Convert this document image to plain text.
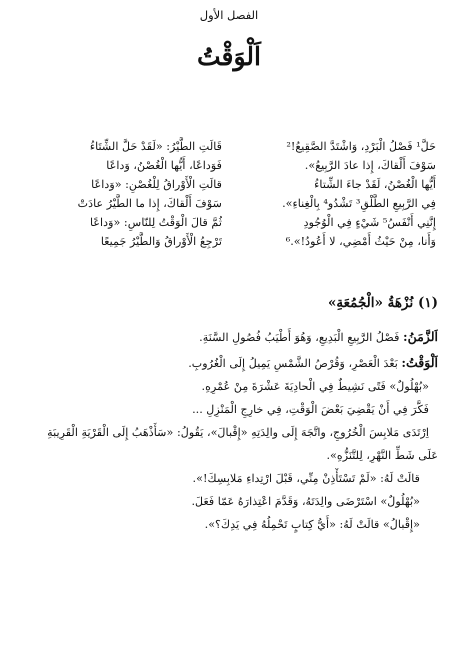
الفصل الأول
اَلْوَقْتُ
قَالَتِ الطَّيْرُ: «لَقَدْ حَلَّ الشِّتَاءُ
فَوَداعًا، أَيُّها الْغُصْنُ، وَداعًا
قالَتِ الْأَوْراقُ لِلْغُصْنِ: «وَداعًا
سَوْفَ أَلْقاكَ، إِذا ما الطَّيْرُ عادَتْ
ثُمَّ قالَ الْوَقْتُ لِلنّاسِ: «وَداعًا
تَرْجِعُ الْأَوْراقُ وَالطَّيْرُ جَمِيعًا
حَلَّ¹ فَصْلُ الْبَرْدِ، وَاشْتَدَّ الصَّقِيعُ!²
سَوْفَ أَلْقاكَ، إِذا عادَ الرَّبِيعُ».
أَيُّها الْغُصْنُ، لَقَدْ جاءَ الشِّتاءُ
فِي الرَّبِيعِ الطَّلْقِ³ تَشْدُو⁴ بِالْغِناءِ».
إِنَّنِي أَنْفَسُ⁵ شَيْءٍ فِي الْوُجُودِ
وَأَنا، مِنْ حَيْثُ أَمْضِي، لا أَعُودُ!».⁶
(١) نُزْهَةُ «الْجُمُعَةِ»
اَلزَّمَنُ: فَصْلُ الرَّبِيعِ الْبَدِيعِ، وَهُوَ أَطْيَبُ فُصُولِ السَّنَةِ.
اَلْوَقْتُ: بَعْدَ الْعَصْرِ، وَقُرْصُ الشَّمْسِ يَمِيلُ إِلَى الْغُرُوبِ.
«بُهْلُولٌ» فَتًى نَشِيطٌ فِي الْحادِيَةَ عَشْرَةَ مِنْ عُمْرِهِ.
فَكَّرَ فِي أَنْ يَقْضِيَ بَعْضَ الْوَقْتِ، فِي خارِجِ الْمَنْزِلِ ...
اِرْتَدَى مَلابِسَ الْخُرُوجِ، واتَّجَهَ إِلَى والِدَتِهِ «إِقْبالَ»، يَقُولُ: «سَأَذْهَبُ إِلَى الْقَرْيَةِ الْقَرِيبَةِ
عَلَى شَطِّ النَّهْرِ، لِلتَّنَزُّهِ».
قالَتْ لَهُ: «لَمْ تَسْتَأْذِنْ مِنِّي، قَبْلَ ارْتِداءِ مَلابِسِكَ!».
«بُهْلُولٌ» اسْتَرْضَى والِدَتَهُ، وَقَدَّمَ اعْتِذارَهُ عَمّا فَعَلَ.
«إِقْبالُ» قالَتْ لَهُ: «أَيُّ كِتابٍ تَحْمِلُهُ فِي يَدِكَ؟».
